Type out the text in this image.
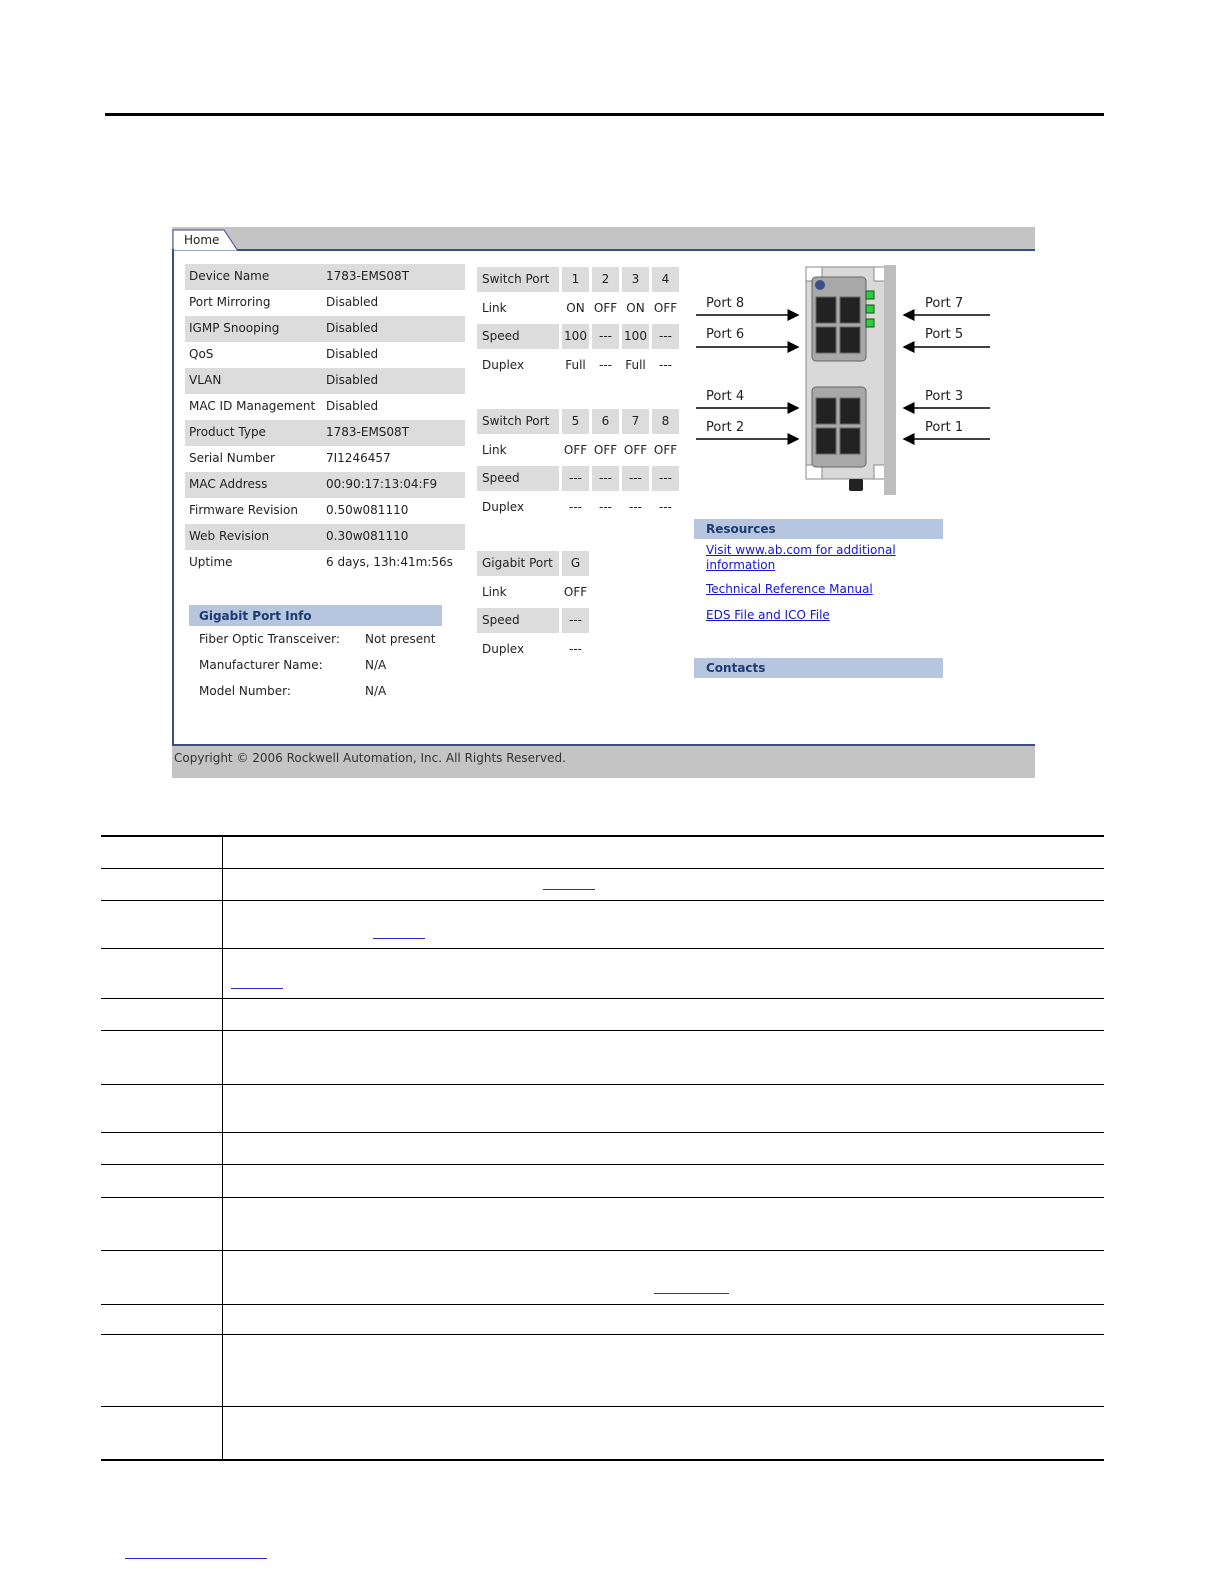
Home
Device Name	1783-EMS08T
Port Mirroring	Disabled
IGMP Snooping	Disabled
QoS	Disabled
VLAN	Disabled
MAC ID Management Disabled
Product Type	1783-EMS08T
Serial Number	7I1246457
MAC Address	00:90:17:13:04:F9
Firmware Revision 0.50w081110
Web Revision	0.30w081110
Uptime	6 days, 13h:41m:56s
Gigabit Port Info
Fiber Optic Transceiver: Not present
Manufacturer Name:	N/A
Model Number:	N/A
Switch Port	1	2	3	4
Link	ON OFF ON OFF
Speed	100	---	100	---
Duplex	Full	---	Full	---
Switch Port	5	6	7	8
Link	OFF OFF OFF OFF
Speed	---	---	---	---
Duplex	---	---	---	---
Gigabit Port	G
Link	OFF
Speed	---
Duplex	---
Port 8
Port 6
Port 4
Port 2
Port 7
Port 5
Port 3
Port 1
Resources
Visit www.ab.com for additional
information
Technical Reference Manual
EDS File and ICO File
Contacts
Copyright © 2006 Rockwell Automation, Inc. All Rights Reserved.
